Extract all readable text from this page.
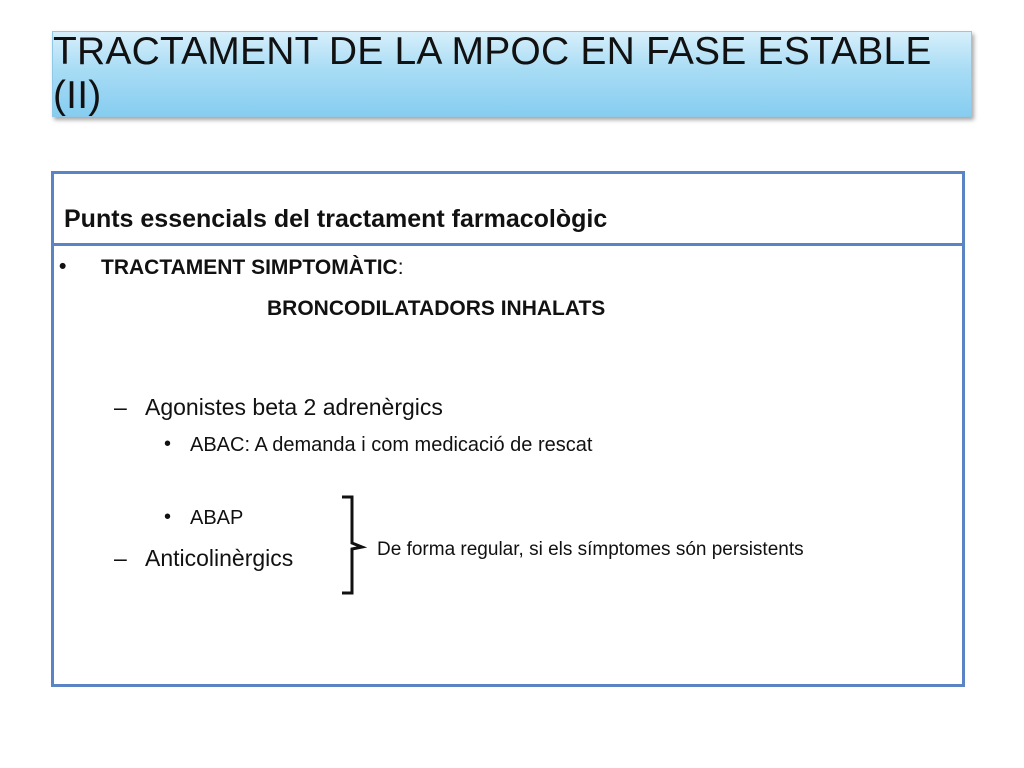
TRACTAMENT DE LA MPOC EN FASE ESTABLE (II)
Punts essencials del tractament farmacològic
• TRACTAMENT SIMPTOMÀTIC:
BRONCODILATADORS INHALATS
– Agonistes beta 2 adrenèrgics
• ABAC: A demanda i com medicació de rescat
• ABAP
– Anticolinèrgics	De forma regular, si els símptomes són persistents
